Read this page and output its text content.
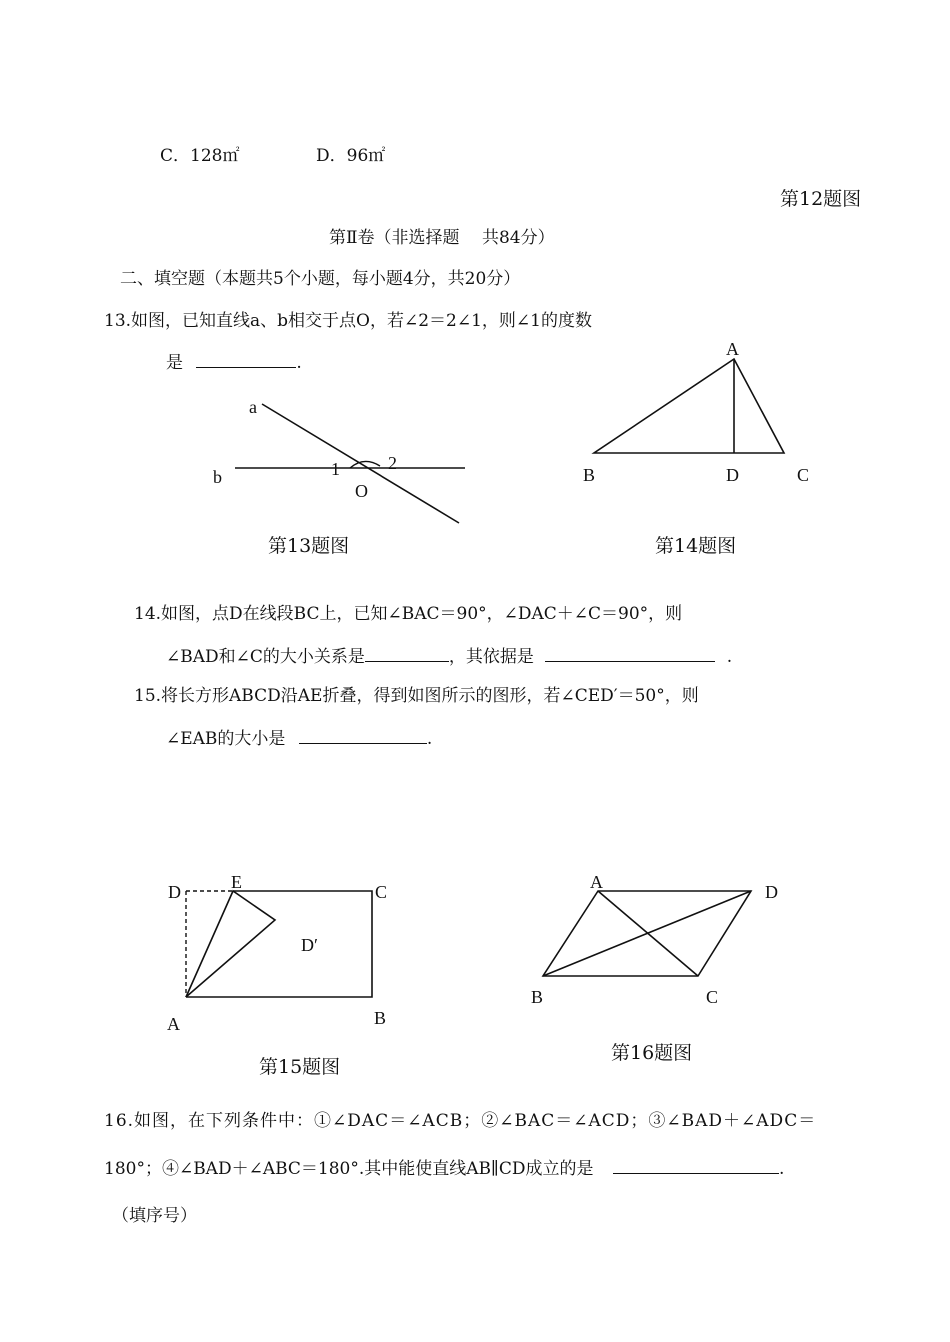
C．128㎡	D．96㎡
第12题图
第Ⅱ卷（非选择题　 共84分）
二、填空题（本题共5个小题，每小题4分，共20分）
13.如图，已知直线a、b相交于点O，若∠2＝2∠1，则∠1的度数
是	.
a
b	1	2
O
第13题图
A
B	D	C
第14题图
14.如图，点D在线段BC上，已知∠BAC＝90°，∠DAC＋∠C＝90°，则
∠BAD和∠C的大小关系是	，其依据是	.
15.将长方形ABCD沿AE折叠，得到如图所示的图形，若∠CED′＝50°，则
∠EAB的大小是	.
D	E	C
D′
A	B
第15题图
A	D
B	C
第16题图
16.如图，在下列条件中：①∠DAC＝∠ACB；②∠BAC＝∠ACD；③∠BAD＋∠ADC＝
180°；④∠BAD＋∠ABC＝180°.其中能使直线AB∥CD成立的是	.
（填序号）
